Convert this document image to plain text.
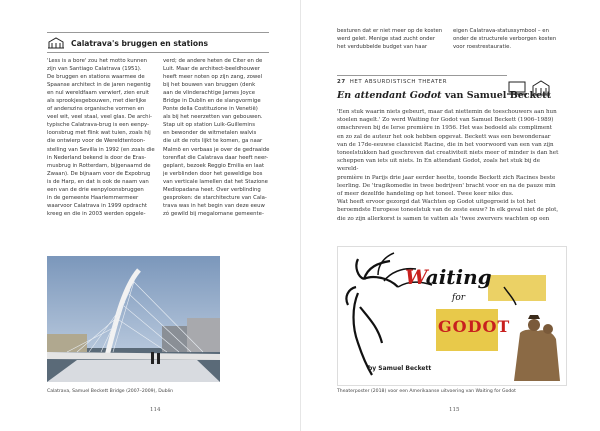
Calatrava's bruggen en stations
'Less is a bore' zou het motto kunnen
zijn van Santiago Calatrava (1951).
De bruggen en stations waarmee de
Spaanse architect in de jaren negentig
en nul wereldfaam verwierf, zien eruit
als sprookjesgebouwen, met dierlijke
of anderszins organische vormen en
veel wit, veel staal, veel glas. De archi-
typische Calatrava-brug is een eenpy-
loonsbrug met flink wat tuien, zoals hij
die ontwierp voor de Wereldtentoon-
stelling van Sevilla in 1992 (en zoals die
in Nederland bekend is door de Eras-
musbrug in Rotterdam, bijgenaamd de
Zwaan). De bijnaam voor de Expobrug
is de Harp, en dat is ook de naam van
een van de drie eenpyloonsbruggen
in de gemeente Haarlemmermeer
waarvoor Calatrava in 1999 opdracht
kreeg en die in 2003 werden opgele-
verd; de andere heten de Citer en de
Luit. Maar de architect-beeldhouwer
heeft meer noten op zijn zang, zowel
bij het bouwen van bruggen (denk
aan de vlinderachtige James Joyce
Bridge in Dublin en de slangvormige
Ponte della Costituzione in Venetië)
als bij het neerzetten van gebouwen.
Stap uit op station Luik-Guillemins
en bewonder de witmetalen walvis
die uit de rots lijkt te komen, ga naar
Malmö en verbaas je over de gedraaide
torenflat die Calatrava daar heeft neer-
geplant, bezoek Reggio Emilia en laat
je verblinden door het geweldige bos
van verticale lamellen dat het Stazione
Mediopadana heet. Over verblinding
gesproken: de starchitecture van Cala-
trava was in het begin van deze eeuw
zó gewild bij megalomane gemeente-
Calatrava, Samuel Beckett Bridge (2007–2009), Dublin
114
besturen dat er niet meer op de kosten
werd gelet. Menige stad zucht onder
het verdubbelde budget van haar
eigen Calatrava-statussymbool – en
onder de structurele verborgen kosten
voor roestrestauratie.
27 HET ABSURDISTISCH THEATER
En attendant Godot van Samuel Beckett
'Een stuk waarin niets gebeurt, maar dat niettemin de toeschouwers aan hun
stoelen nagelt.' Zo werd Waiting for Godot van Samuel Beckett (1906–1989)
omschreven bij de Ierse première in 1956. Het was bedoeld als compliment
en zo zal de auteur het ook hebben opgevat. Beckett was een bewonderaar
van de 17de-eeuwse classicist Racine, die in het voorwoord van een van zijn
toneelstukken had geschreven dat creativiteit niets meer of minder is dan het
scheppen van iets uit niets. In En attendant Godot, zoals het stuk bij de wereld-
première in Parijs drie jaar eerder heette, toonde Beckett zich Racines beste
leerling. De 'tragikomedie in twee bedrijven' bracht voor en na de pauze min
of meer dezelfde handeling op het toneel. Twee keer niks dus.
Wat heeft ervoor gezorgd dat Wachten op Godot uitgegroeid is tot het
beroemdste Europese toneelstuk van de zeste eeuw? In elk geval niet de plot,
die zo zijn allerkorst is samen te vatten als 'twee zwervers wachten op een
Waiting
for
GODOT
by Samuel Beckett
Theaterposter (2018) voor een Amerikaanse uitvoering van Waiting for Godot
115
